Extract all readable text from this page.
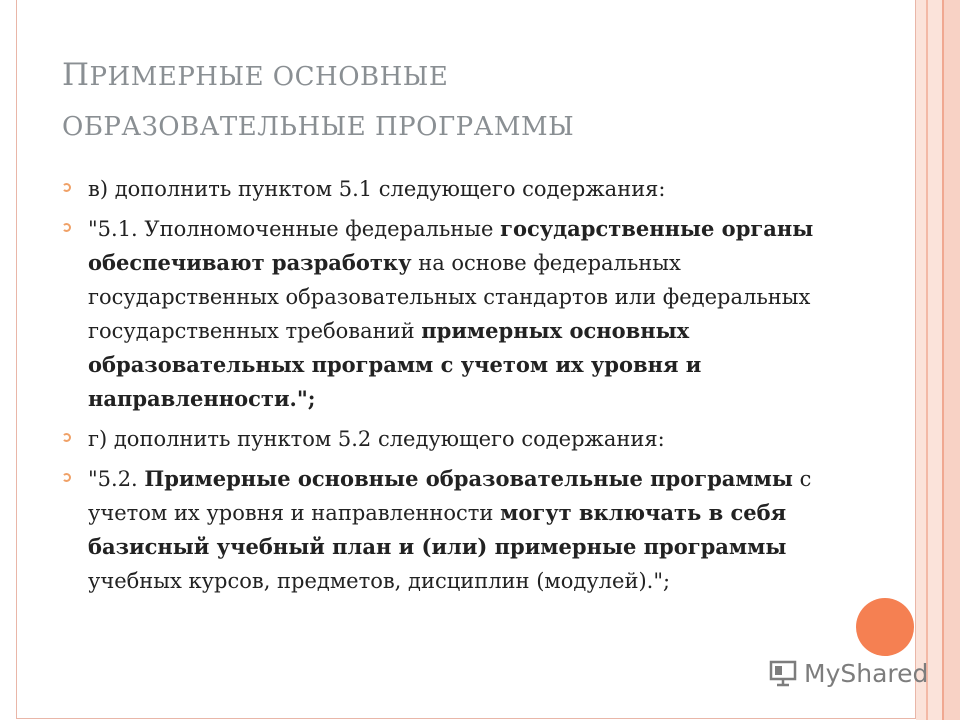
ПРИМЕРНЫЕ ОСНОВНЫЕ
ОБРАЗОВАТЕЛЬНЫЕ ПРОГРАММЫ
в) дополнить пунктом 5.1 следующего содержания:
"5.1. Уполномоченные федеральные государственные органы обеспечивают разработку на основе федеральных государственных образовательных стандартов или федеральных государственных требований примерных основных образовательных программ с учетом их уровня и направленности.";
г) дополнить пунктом 5.2 следующего содержания:
"5.2. Примерные основные образовательные программы с учетом их уровня и направленности могут включать в себя базисный учебный план и (или) примерные программы учебных курсов, предметов, дисциплин (модулей).";
MyShared
